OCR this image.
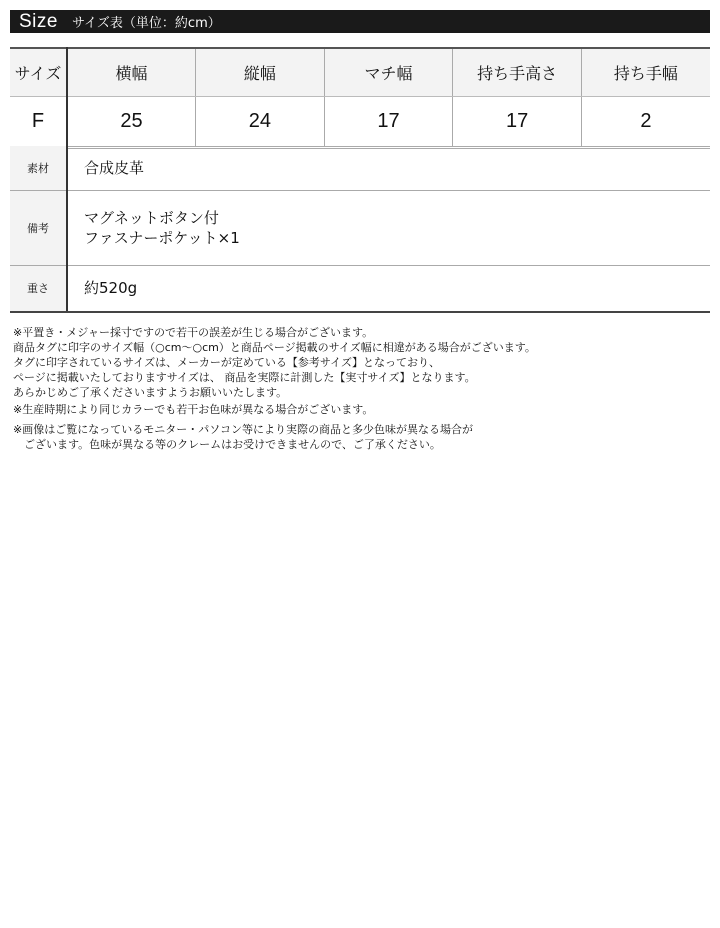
Size サイズ表（単位：約cm）
サイズ	横幅	縦幅	マチ幅	持ち手高さ	持ち手幅
F	25	24	17	17	2
素材	合成皮革

備考	マグネットボタン付
ファスナーポケット×1

重さ	約520g

※平置き・メジャー採寸ですので若干の誤差が生じる場合がございます。

商品タグに印字のサイズ幅（○cm～○cm）と商品ページ掲載のサイズ幅に相違がある場合がございます。

タグに印字されているサイズは、メーカーが定めている【参考サイズ】となっており、

ページに掲載いたしておりますサイズは、 商品を実際に計測した【実寸サイズ】となります。

あらかじめご了承くださいますようお願いいたします。

※生産時期により同じカラーでも若干お色味が異なる場合がございます。

※画像はご覧になっているモニター・パソコン等により実際の商品と多少色味が異なる場合が

　ございます。色味が異なる等のクレームはお受けできませんので、ご了承ください。
